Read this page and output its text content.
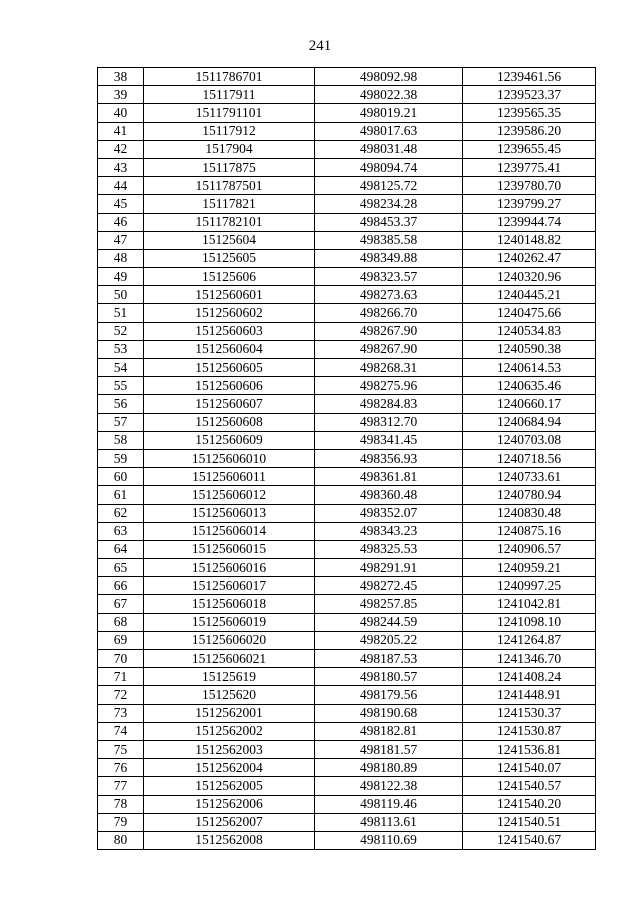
241
38	1511786701	498092.98	1239461.56
39	15117911	498022.38	1239523.37
40	1511791101	498019.21	1239565.35
41	15117912	498017.63	1239586.20
42	1517904	498031.48	1239655.45
43	15117875	498094.74	1239775.41
44	1511787501	498125.72	1239780.70
45	15117821	498234.28	1239799.27
46	1511782101	498453.37	1239944.74
47	15125604	498385.58	1240148.82
48	15125605	498349.88	1240262.47
49	15125606	498323.57	1240320.96
50	1512560601	498273.63	1240445.21
51	1512560602	498266.70	1240475.66
52	1512560603	498267.90	1240534.83
53	1512560604	498267.90	1240590.38
54	1512560605	498268.31	1240614.53
55	1512560606	498275.96	1240635.46
56	1512560607	498284.83	1240660.17
57	1512560608	498312.70	1240684.94
58	1512560609	498341.45	1240703.08
59	15125606010	498356.93	1240718.56
60	15125606011	498361.81	1240733.61
61	15125606012	498360.48	1240780.94
62	15125606013	498352.07	1240830.48
63	15125606014	498343.23	1240875.16
64	15125606015	498325.53	1240906.57
65	15125606016	498291.91	1240959.21
66	15125606017	498272.45	1240997.25
67	15125606018	498257.85	1241042.81
68	15125606019	498244.59	1241098.10
69	15125606020	498205.22	1241264.87
70	15125606021	498187.53	1241346.70
71	15125619	498180.57	1241408.24
72	15125620	498179.56	1241448.91
73	1512562001	498190.68	1241530.37
74	1512562002	498182.81	1241530.87
75	1512562003	498181.57	1241536.81
76	1512562004	498180.89	1241540.07
77	1512562005	498122.38	1241540.57
78	1512562006	498119.46	1241540.20
79	1512562007	498113.61	1241540.51
80	1512562008	498110.69	1241540.67
